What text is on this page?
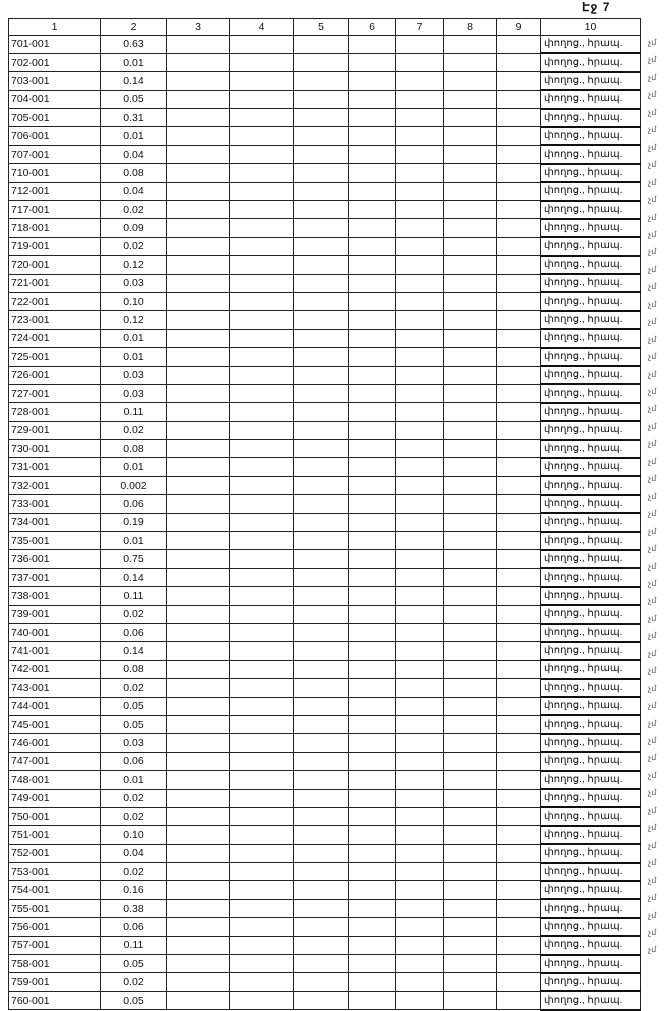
Էջ 7
1	2	3	4	5	6	7	8	9	10
701-001	0.63								փողոց., հրապ.
702-001	0.01								փողոց., հրապ.
703-001	0.14								փողոց., հրապ.
704-001	0.05								փողոց., հրապ.
705-001	0.31								փողոց., հրապ.
706-001	0.01								փողոց., հրապ.
707-001	0.04								փողոց., հրապ.
710-001	0.08								փողոց., հրապ.
712-001	0.04								փողոց., հրապ.
717-001	0.02								փողոց., հրապ.
718-001	0.09								փողոց., հրապ.
719-001	0.02								փողոց., հրապ.
720-001	0.12								փողոց., հրապ.
721-001	0.03								փողոց., հրապ.
722-001	0.10								փողոց., հրապ.
723-001	0.12								փողոց., հրապ.
724-001	0.01								փողոց., հրապ.
725-001	0.01								փողոց., հրապ.
726-001	0.03								փողոց., հրապ.
727-001	0.03								փողոց., հրապ.
728-001	0.11								փողոց., հրապ.
729-001	0.02								փողոց., հրապ.
730-001	0.08								փողոց., հրապ.
731-001	0.01								փողոց., հրապ.
732-001	0.002								փողոց., հրապ.
733-001	0.06								փողոց., հրապ.
734-001	0.19								փողոց., հրապ.
735-001	0.01								փողոց., հրապ.
736-001	0.75								փողոց., հրապ.
737-001	0.14								փողոց., հրապ.
738-001	0.11								փողոց., հրապ.
739-001	0.02								փողոց., հրապ.
740-001	0.06								փողոց., հրապ.
741-001	0.14								փողոց., հրապ.
742-001	0.08								փողոց., հրապ.
743-001	0.02								փողոց., հրապ.
744-001	0.05								փողոց., հրապ.
745-001	0.05								փողոց., հրապ.
746-001	0.03								փողոց., հրապ.
747-001	0.06								փողոց., հրապ.
748-001	0.01								փողոց., հրապ.
749-001	0.02								փողոց., հրապ.
750-001	0.02								փողոց., հրապ.
751-001	0.10								փողոց., հրապ.
752-001	0.04								փողոց., հրապ.
753-001	0.02								փողոց., հրապ.
754-001	0.16								փողոց., հրապ.
755-001	0.38								փողոց., հրապ.
756-001	0.06								փողոց., հրապ.
757-001	0.11								փողոց., հրապ.
758-001	0.05								փողոց., հրապ.
759-001	0.02								փողոց., հրապ.
760-001	0.05								փողոց., հրապ.
չմ
չմ
չմ
չմ
չմ
չմ
չմ
չմ
չմ
չմ
չմ
չմ
չմ
չմ
չմ
չմ
չմ
չմ
չմ
չմ
չմ
չմ
չմ
չմ
չմ
չմ
չմ
չմ
չմ
չմ
չմ
չմ
չմ
չմ
չմ
չմ
չմ
չմ
չմ
չմ
չմ
չմ
չմ
չմ
չմ
չմ
չմ
չմ
չմ
չմ
չմ
չմ
չմ
